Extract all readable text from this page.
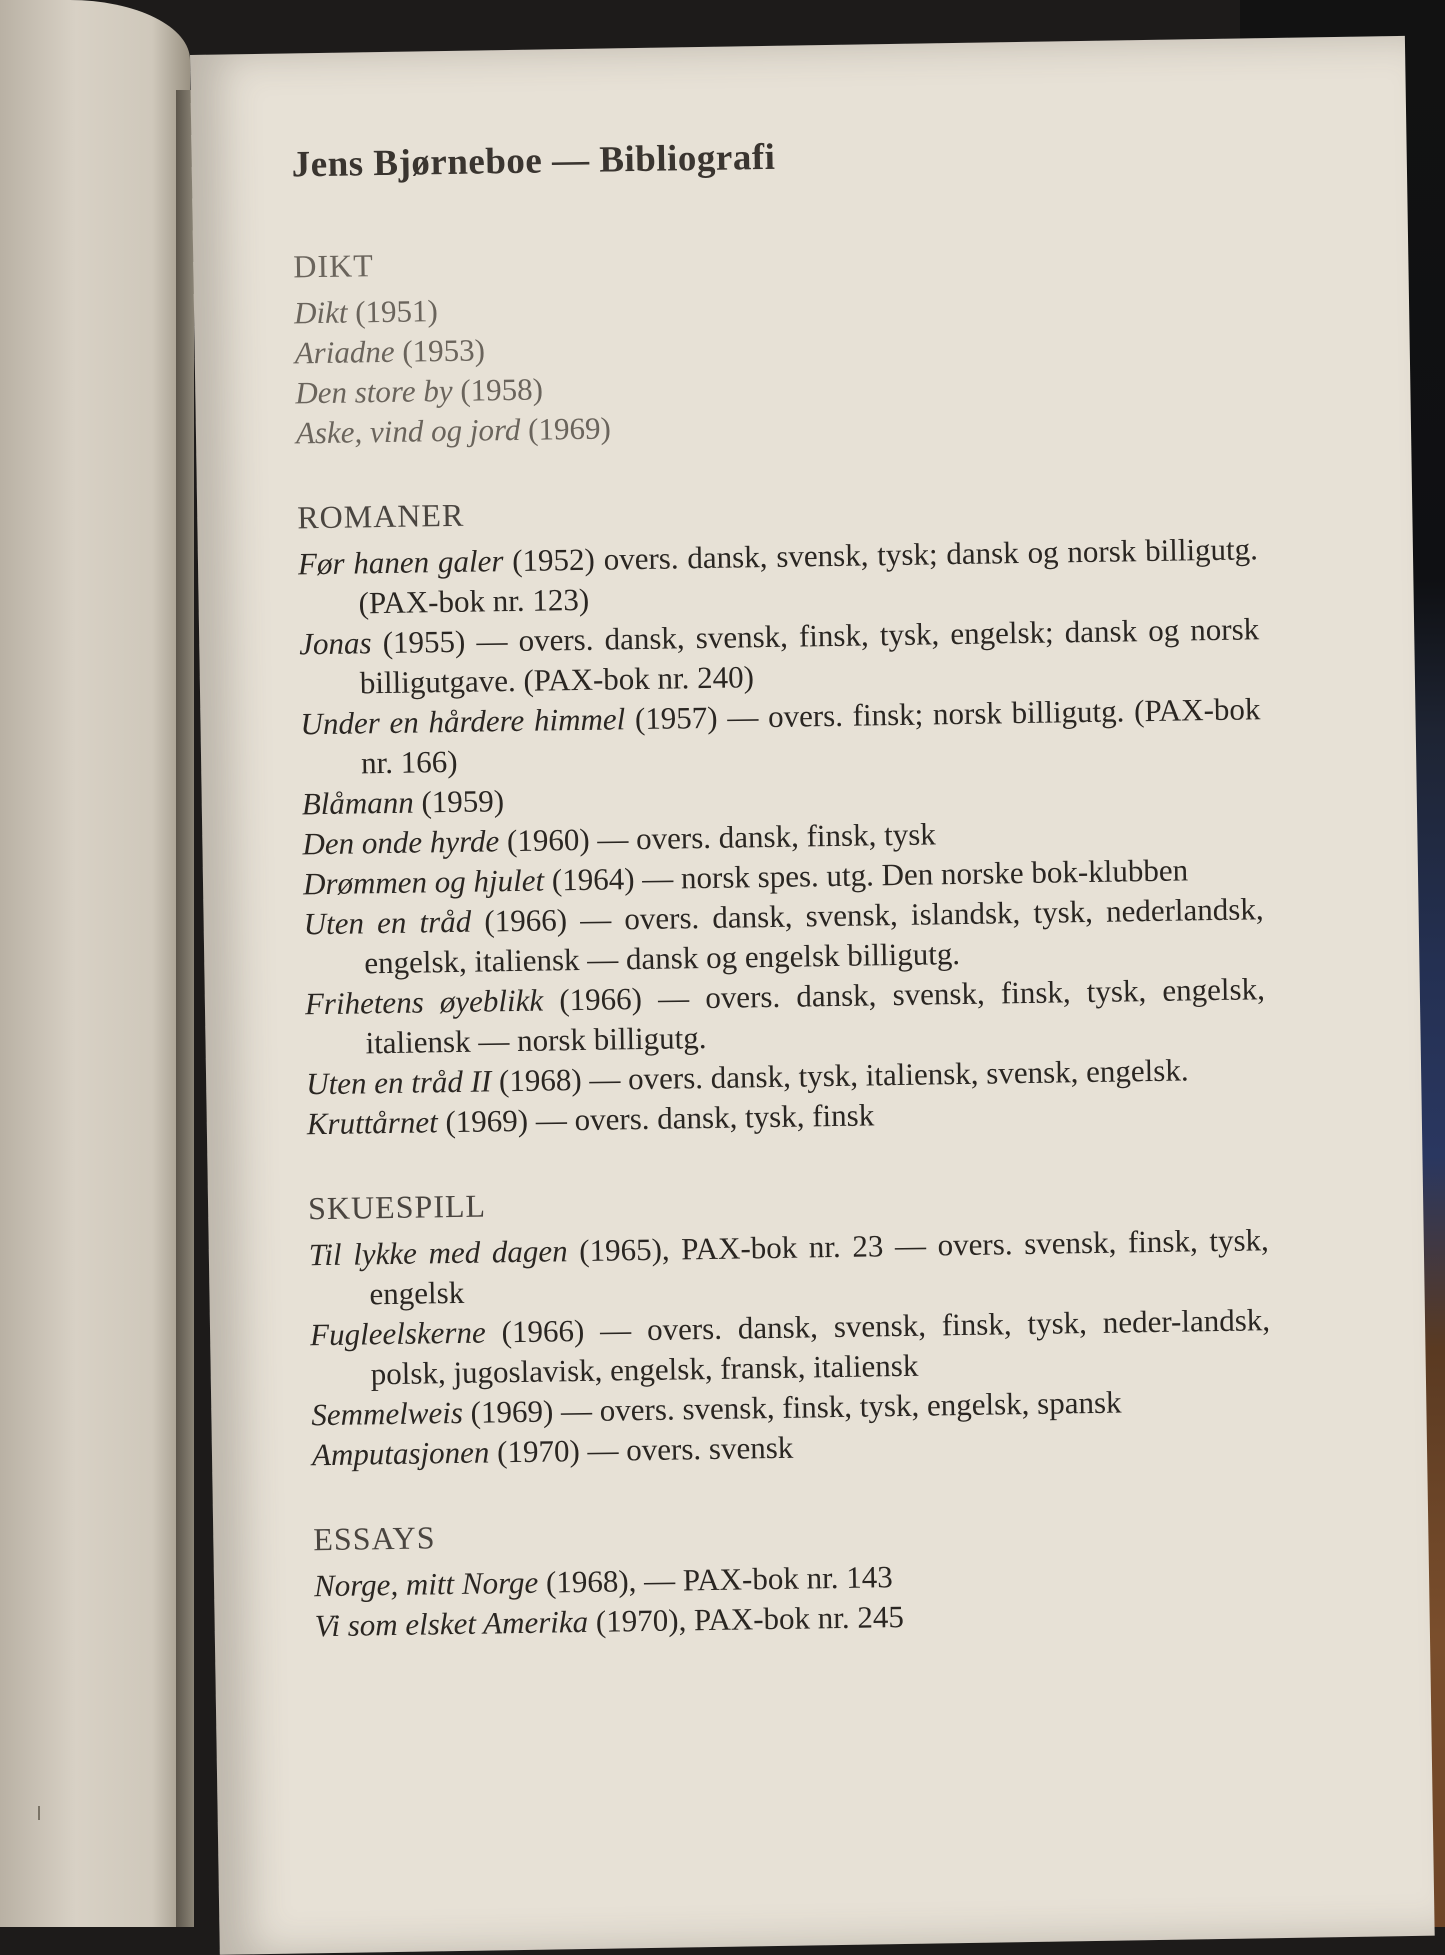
Jens Bjørneboe — Bibliografi
DIKT
Dikt (1951)
Ariadne (1953)
Den store by (1958)
Aske, vind og jord (1969)
ROMANER
Før hanen galer (1952) overs. dansk, svensk, tysk; dansk og norsk billigutg. (PAX-bok nr. 123)
Jonas (1955) — overs. dansk, svensk, finsk, tysk, engelsk; dansk og norsk billigutgave. (PAX-bok nr. 240)
Under en hårdere himmel (1957) — overs. finsk; norsk billigutg. (PAX-bok nr. 166)
Blåmann (1959)
Den onde hyrde (1960) — overs. dansk, finsk, tysk
Drømmen og hjulet (1964) — norsk spes. utg. Den norske bok-klubben
Uten en tråd (1966) — overs. dansk, svensk, islandsk, tysk, nederlandsk, engelsk, italiensk — dansk og engelsk billigutg.
Frihetens øyeblikk (1966) — overs. dansk, svensk, finsk, tysk, engelsk, italiensk — norsk billigutg.
Uten en tråd II (1968) — overs. dansk, tysk, italiensk, svensk, engelsk.
Kruttårnet (1969) — overs. dansk, tysk, finsk
SKUESPILL
Til lykke med dagen (1965), PAX-bok nr. 23 — overs. svensk, finsk, tysk, engelsk
Fugleelskerne (1966) — overs. dansk, svensk, finsk, tysk, neder-landsk, polsk, jugoslavisk, engelsk, fransk, italiensk
Semmelweis (1969) — overs. svensk, finsk, tysk, engelsk, spansk
Amputasjonen (1970) — overs. svensk
ESSAYS
Norge, mitt Norge (1968), — PAX-bok nr. 143
Vi som elsket Amerika (1970), PAX-bok nr. 245
